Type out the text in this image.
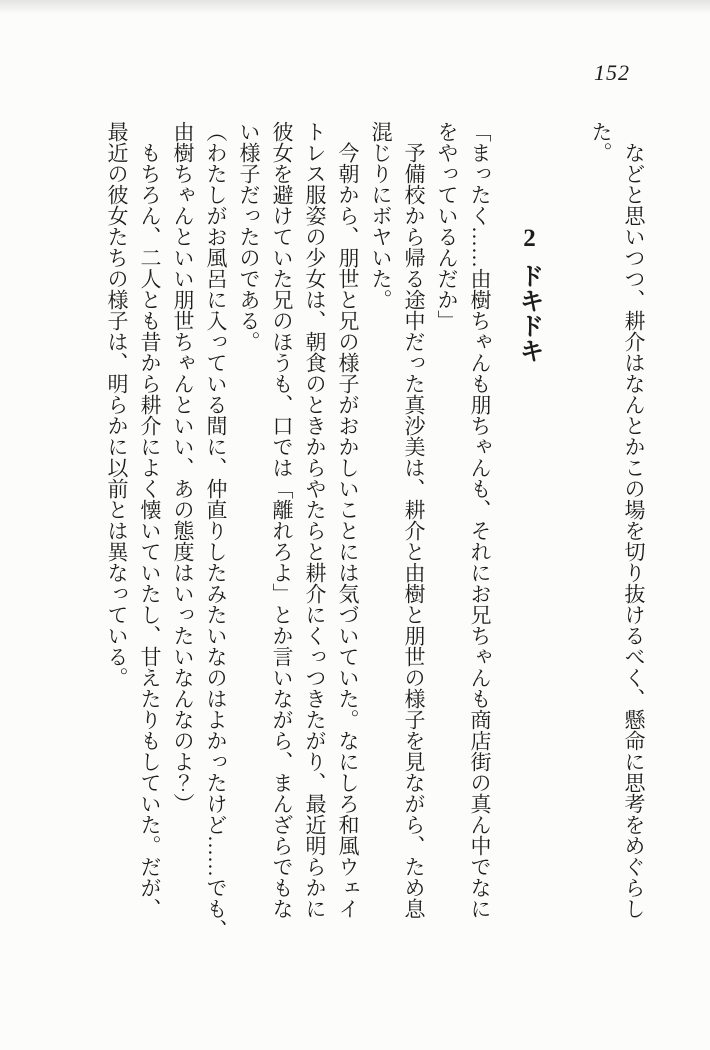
152
などと思いつつ、耕介はなんとかこの場を切り抜けるべく、懸命に思考をめぐらし
た。
2ドキドキ
「まったく……由樹ちゃんも朋ちゃんも、それにお兄ちゃんも商店街の真ん中でなに
をやっているんだか」
予備校から帰る途中だった真沙美は、耕介と由樹と朋世の様子を見ながら、ため息
混じりにボヤいた。
今朝から、朋世と兄の様子がおかしいことには気づいていた。なにしろ和風ウェイ
トレス服姿の少女は、朝食のときからやたらと耕介にくっつきたがり、最近明らかに
彼女を避けていた兄のほうも、口では「離れろよ」とか言いながら、まんざらでもな
い様子だったのである。
（わたしがお風呂に入っている間に、仲直りしたみたいなのはよかったけど……でも、
由樹ちゃんといい朋世ちゃんといい、あの態度はいったいなんなのよ？）
もちろん、二人とも昔から耕介によく懐いていたし、甘えたりもしていた。だが、
最近の彼女たちの様子は、明らかに以前とは異なっている。
